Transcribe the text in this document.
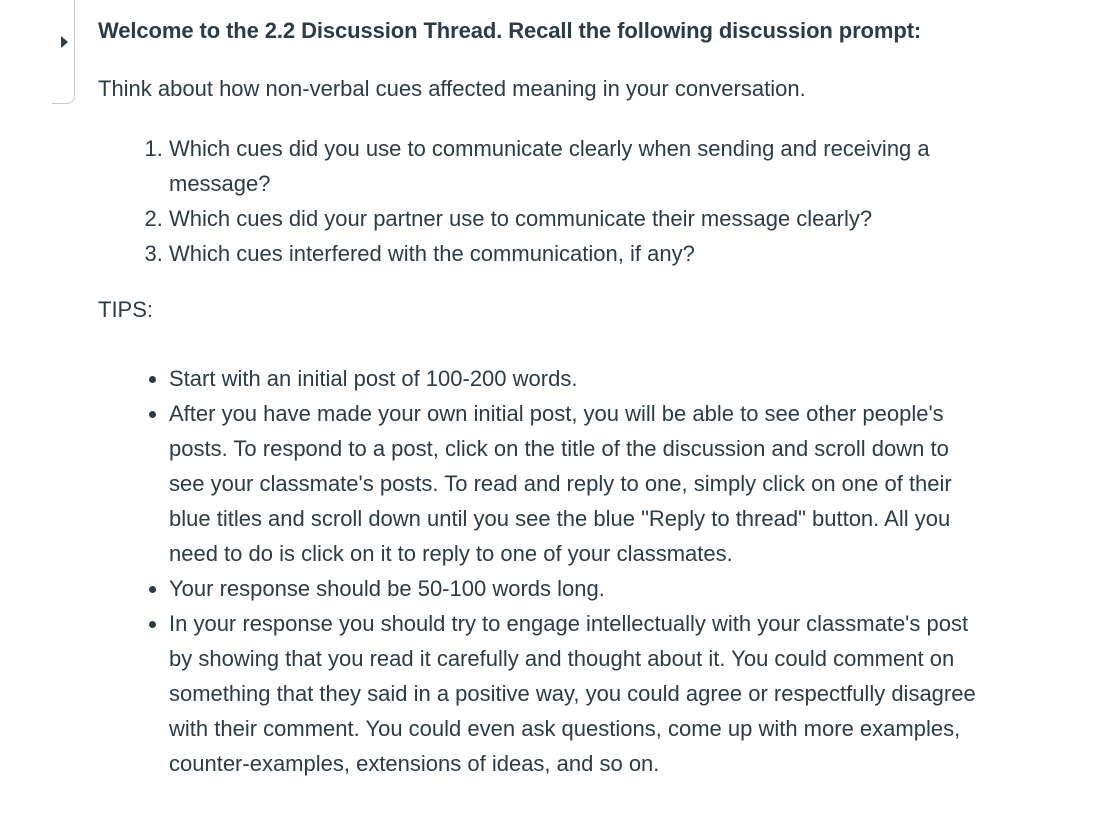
Welcome to the 2.2 Discussion Thread. Recall the following discussion prompt:

Think about how non-verbal cues affected meaning in your conversation.

1. Which cues did you use to communicate clearly when sending and receiving a message?
2. Which cues did your partner use to communicate their message clearly?
3. Which cues interfered with the communication, if any?

TIPS:

• Start with an initial post of 100-200 words.
• After you have made your own initial post, you will be able to see other people's posts. To respond to a post, click on the title of the discussion and scroll down to see your classmate's posts. To read and reply to one, simply click on one of their blue titles and scroll down until you see the blue "Reply to thread" button. All you need to do is click on it to reply to one of your classmates.
• Your response should be 50-100 words long.
• In your response you should try to engage intellectually with your classmate's post by showing that you read it carefully and thought about it. You could comment on something that they said in a positive way, you could agree or respectfully disagree with their comment. You could even ask questions, come up with more examples, counter-examples, extensions of ideas, and so on.
